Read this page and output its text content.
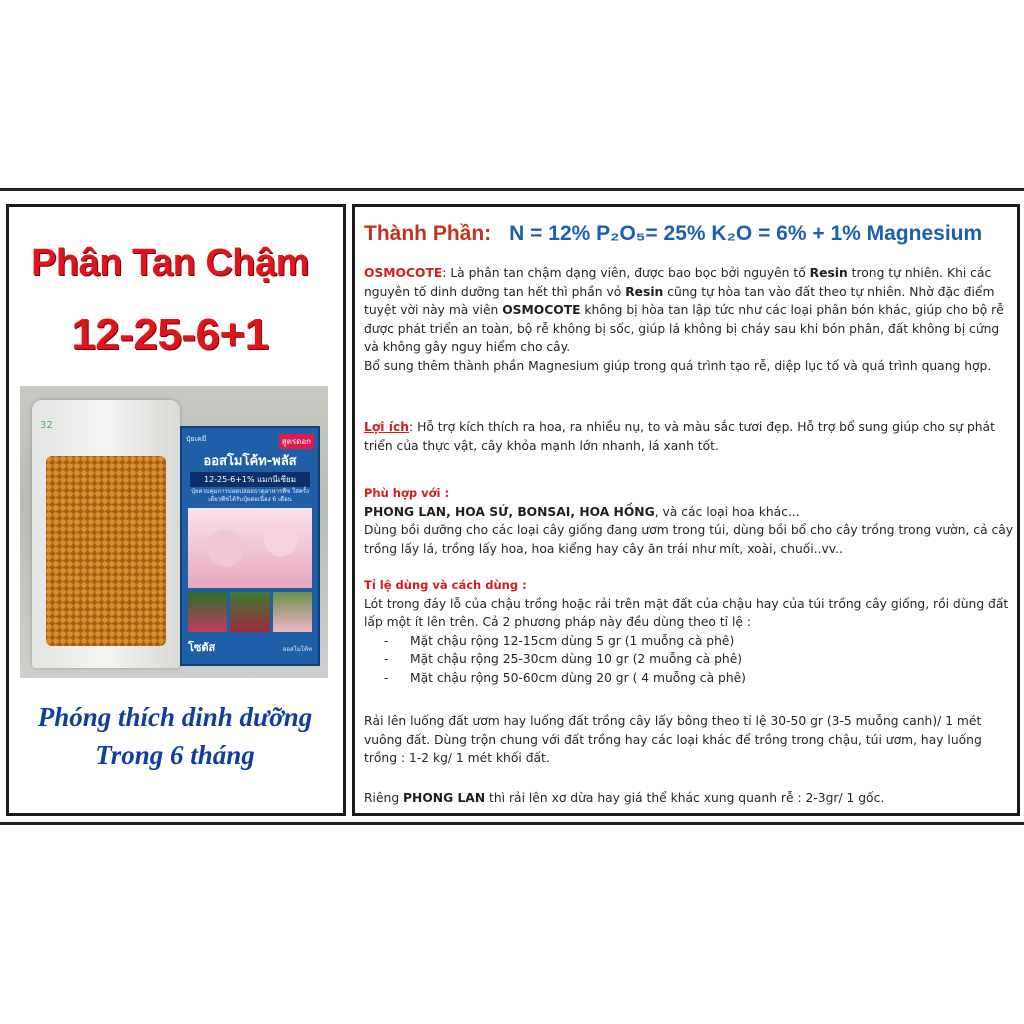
Phân Tan Chậm
12-25-6+1
32
ปุ๋ยเคมี	สูตรดอก
ออสโมโค้ท-พลัส
12-25-6+1% แมกนีเซียม
ปุ๋ยควบคุมการปลดปล่อยธาตุอาหารพืช ใส่ครั้งเดียวพืชได้รับปุ๋ยต่อเนื่อง 6 เดือน
โซตัส	ออสโมโค้ท
Phóng thích dinh dưỡng
Trong 6 tháng
Thành Phần: N = 12% P₂O₅= 25% K₂O = 6% + 1% Magnesium
OSMOCOTE: Là phân tan chậm dạng viên, được bao bọc bởi nguyên tố Resin trong tự nhiên. Khi các nguyên tố dinh dưỡng tan hết thì phần vỏ Resin cũng tự hòa tan vào đất theo tự nhiên. Nhờ đặc điểm tuyệt vời này mà viên OSMOCOTE không bị hòa tan lập tức như các loại phân bón khác, giúp cho bộ rễ được phát triển an toàn, bộ rễ không bị sốc, giúp lá không bị cháy sau khi bón phân, đất không bị cứng và không gây nguy hiểm cho cây.
Bổ sung thêm thành phần Magnesium giúp trong quá trình tạo rễ, diệp lục tố và quá trình quang hợp.
Lợi ích: Hỗ trợ kích thích ra hoa, ra nhiều nụ, to và màu sắc tươi đẹp. Hỗ trợ bổ sung giúp cho sự phát triển của thực vật, cây khỏa mạnh lớn nhanh, lá xanh tốt.
Phù hợp với :
PHONG LAN, HOA SỨ, BONSAI, HOA HỒNG, và các loại hoa khác...
Dùng bồi dưỡng cho các loại cây giống đang ươm trong túi, dùng bồi bổ cho cây trồng trong vườn, cả cây trồng lấy lá, trồng lấy hoa, hoa kiểng hay cây ăn trái như mít, xoài, chuối..vv..
Tỉ lệ dùng và cách dùng :
Lót trong đáy lỗ của chậu trồng hoặc rải trên mặt đất của chậu hay của túi trồng cây giống, rồi dùng đất lấp một ít lên trên. Cả 2 phương pháp này đều dùng theo tỉ lệ :
- Mặt chậu rộng 12-15cm dùng 5 gr (1 muỗng cà phê)
- Mặt chậu rộng 25-30cm dùng 10 gr (2 muỗng cà phê)
- Mặt chậu rộng 50-60cm dùng 20 gr ( 4 muỗng cà phê)
Rải lên luống đất ươm hay luống đất trồng cây lấy bông theo tỉ lệ 30-50 gr (3-5 muỗng canh)/ 1 mét vuông đất. Dùng trộn chung với đất trồng hay các loại khác để trồng trong chậu, túi ươm, hay luống trồng : 1-2 kg/ 1 mét khối đất.
Riêng PHONG LAN thì rải lên xơ dừa hay giá thể khác xung quanh rễ : 2-3gr/ 1 gốc.
